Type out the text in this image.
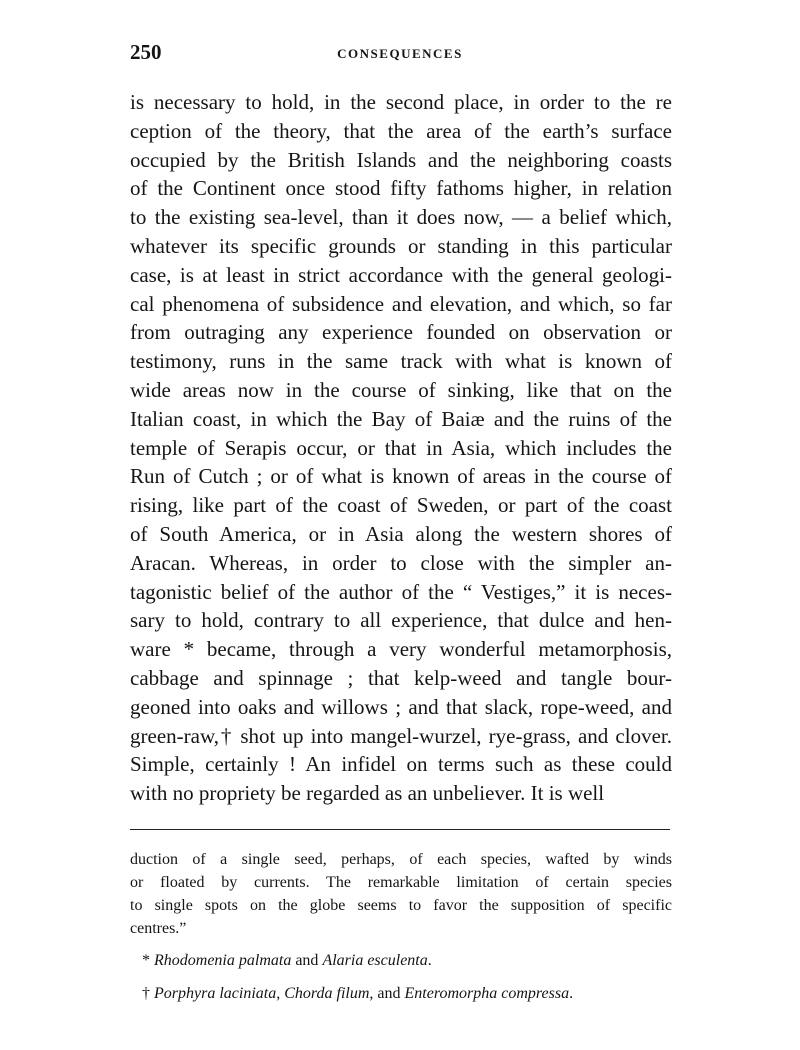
250	CONSEQUENCES
is necessary to hold, in the second place, in order to the re
ception of the theory, that the area of the earth’s surface
occupied by the British Islands and the neighboring coasts
of the Continent once stood fifty fathoms higher, in relation
to the existing sea-level, than it does now, — a belief which,
whatever its specific grounds or standing in this particular
case, is at least in strict accordance with the general geologi-
cal phenomena of subsidence and elevation, and which, so far
from outraging any experience founded on observation or
testimony, runs in the same track with what is known of
wide areas now in the course of sinking, like that on the
Italian coast, in which the Bay of Baiæ and the ruins of the
temple of Serapis occur, or that in Asia, which includes the
Run of Cutch ; or of what is known of areas in the course of
rising, like part of the coast of Sweden, or part of the coast
of South America, or in Asia along the western shores of
Aracan. Whereas, in order to close with the simpler an-
tagonistic belief of the author of the “ Vestiges,” it is neces-
sary to hold, contrary to all experience, that dulce and hen-
ware * became, through a very wonderful metamorphosis,
cabbage and spinnage ; that kelp-weed and tangle bour-
geoned into oaks and willows ; and that slack, rope-weed, and
green-raw,† shot up into mangel-wurzel, rye-grass, and clover.
Simple, certainly ! An infidel on terms such as these could
with no propriety be regarded as an unbeliever. It is well
duction of a single seed, perhaps, of each species, wafted by winds
or floated by currents. The remarkable limitation of certain species
to single spots on the globe seems to favor the supposition of specific
centres.”
* Rhodomenia palmata and Alaria esculenta.
† Porphyra laciniata, Chorda filum, and Enteromorpha compressa.
